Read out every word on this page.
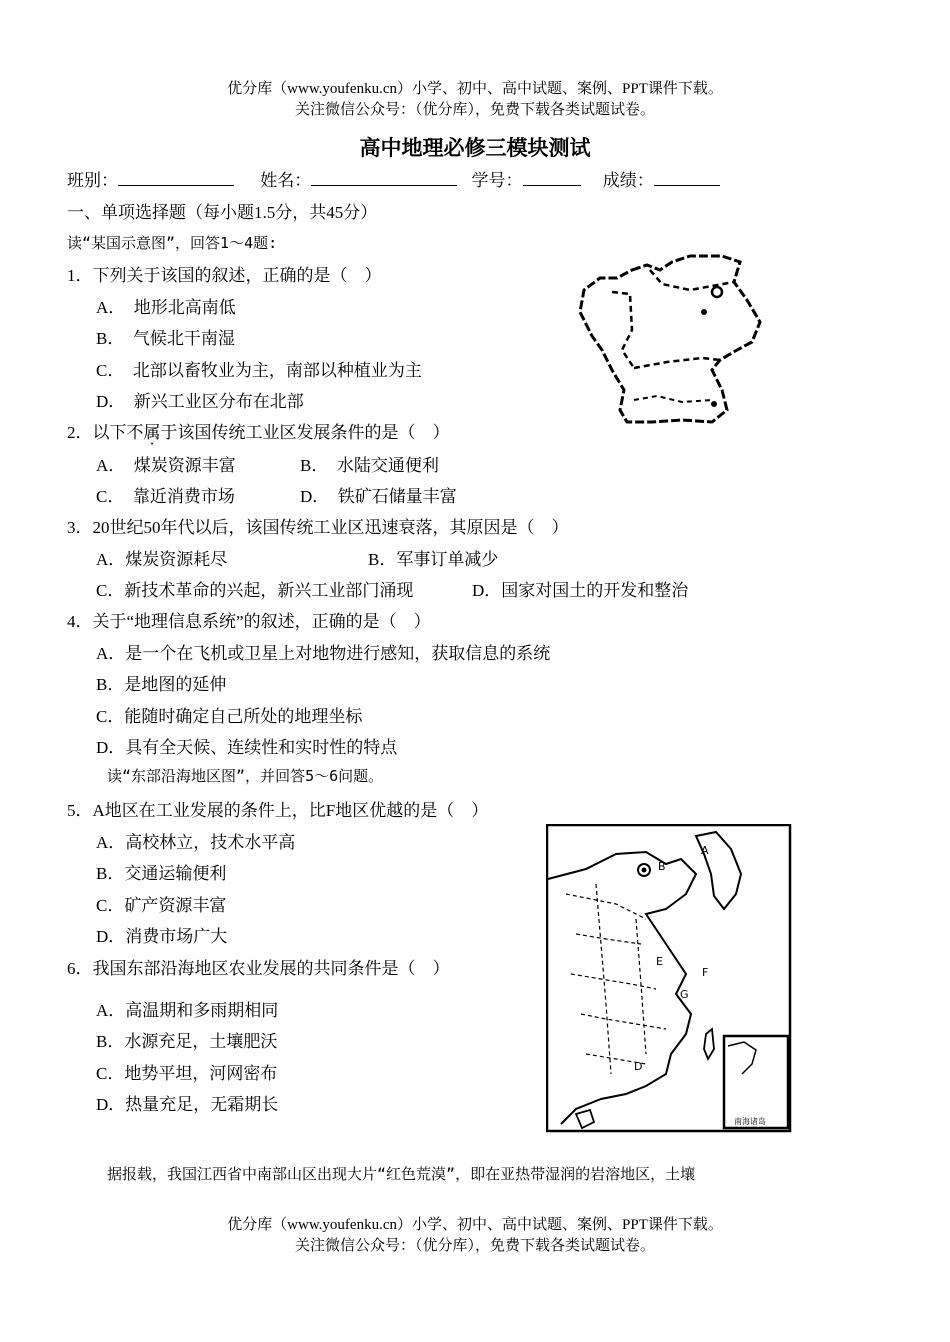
优分库（www.youfenku.cn）小学、初中、高中试题、案例、PPT课件下载。
关注微信公众号：（优分库），免费下载各类试题试卷。
高中地理必修三模块测试
班别：	姓名：	学号：	成绩：
一、单项选择题（每小题1.5分，共45分）
读“某国示意图”，回答1～4题:
1．下列关于该国的叙述，正确的是（　）
A．　地形北高南低
B．　气候北干南湿
C．　北部以畜牧业为主，南部以种植业为主
D．　新兴工业区分布在北部
2．以下不属于该国传统工业区发展条件的是（　）
A．　煤炭资源丰富	B．　水陆交通便利
C．　靠近消费市场	D．　铁矿石储量丰富
3．20世纪50年代以后，该国传统工业区迅速衰落，其原因是（　）
A．煤炭资源耗尽	B．军事订单减少
C．新技术革命的兴起，新兴工业部门涌现	D．国家对国土的开发和整治
4．关于“地理信息系统”的叙述，正确的是（　）
A．是一个在飞机或卫星上对地物进行感知，获取信息的系统
B．是地图的延伸
C．能随时确定自己所处的地理坐标
D．具有全天候、连续性和实时性的特点
读“东部沿海地区图”，并回答5～6问题。
5．A地区在工业发展的条件上，比F地区优越的是（　）
A．高校林立，技术水平高
B．交通运输便利
C．矿产资源丰富
D．消费市场广大
6．我国东部沿海地区农业发展的共同条件是（　）
A．高温期和多雨期相同
B．水源充足，土壤肥沃
C．地势平坦，河网密布
D．热量充足，无霜期长
据报载，我国江西省中南部山区出现大片“红色荒漠”，即在亚热带湿润的岩溶地区，土壤
优分库（www.youfenku.cn）小学、初中、高中试题、案例、PPT课件下载。
关注微信公众号：（优分库），免费下载各类试题试卷。
A
B
E
F
G
D
南海诸岛
